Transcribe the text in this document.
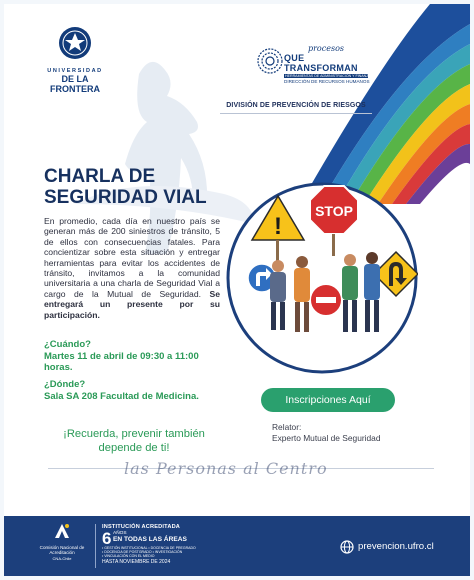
UNIVERSIDAD
DE LA FRONTERA
procesos
QUE TRANSFORMAN
HERRAMIENTAS DE ADMINISTRACIÓN Y FINANZAS
DIRECCIÓN DE RECURSOS HUMANOS
DIVISIÓN DE PREVENCIÓN DE RIESGOS
CHARLA DE
SEGURIDAD VIAL
En promedio, cada día en nuestro país se generan más de 200 siniestros de tránsito, 5 de ellos con consecuencias fatales. Para concientizar sobre esta situación y entregar herramientas para evitar los accidentes de tránsito, invitamos a la comunidad universitaria a una charla de Seguridad Vial a cargo de la Mutual de Seguridad. Se entregará un presente por su participación.
¿Cuándo?
Martes 11 de abril de 09:30 a 11:00 horas.
¿Dónde?
Sala SA 208 Facultad de Medicina.
¡Recuerda, prevenir también depende de ti!
!
STOP
Inscripciones Aquí
Relator:
Experto Mutual de Seguridad
las Personas al Centro
Comisión Nacional de Acreditación
CNA-Chile
INSTITUCIÓN ACREDITADA
6 AÑOS
EN TODAS LAS ÁREAS
• GESTIÓN INSTITUCIONAL • DOCENCIA DE PREGRADO
• DOCENCIA DE POSTGRADO • INVESTIGACIÓN
• VINCULACIÓN CON EL MEDIO
HASTA NOVIEMBRE DE 2024
prevencion.ufro.cl
